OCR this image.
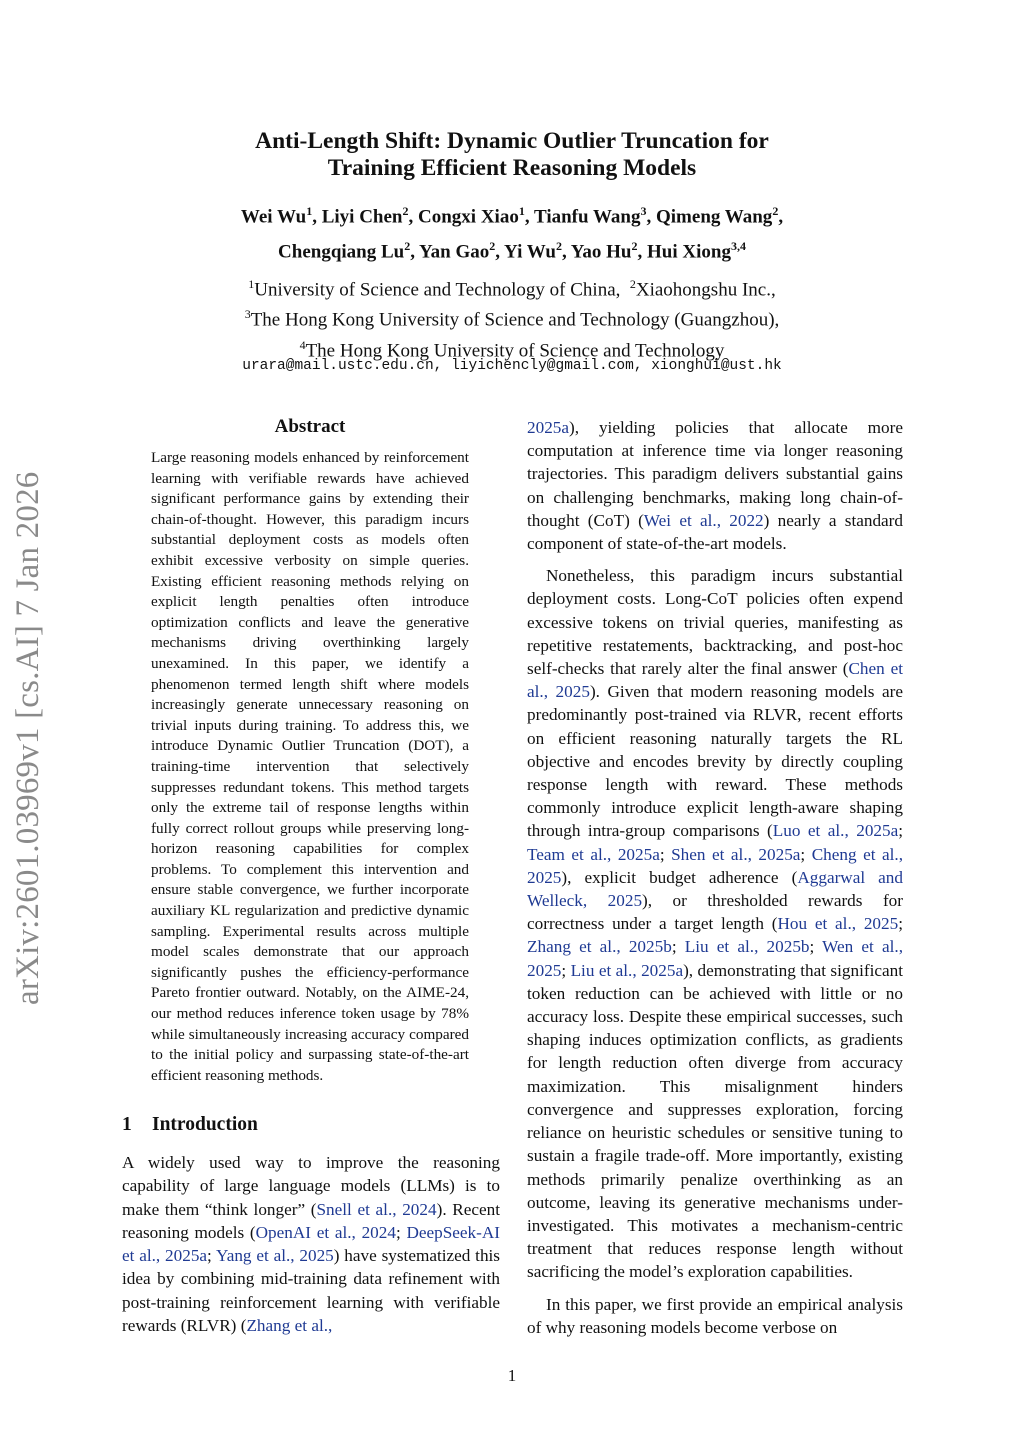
arXiv:2601.03969v1 [cs.AI] 7 Jan 2026
Anti-Length Shift: Dynamic Outlier Truncation for
Training Efficient Reasoning Models
Wei Wu$^1$, Liyi Chen$^2$, Congxi Xiao$^1$, Tianfu Wang$^3$, Qimeng Wang$^2$,
Chengqiang Lu$^2$, Yan Gao$^2$, Yi Wu$^2$, Yao Hu$^2$, Hui Xiong$^{3,4}$
$^1$University of Science and Technology of China, $^2$Xiaohongshu Inc.,
$^3$The Hong Kong University of Science and Technology (Guangzhou),
$^4$The Hong Kong University of Science and Technology
urara@mail.ustc.edu.cn, liyichencly@gmail.com, xionghui@ust.hk
Abstract
Large reasoning models enhanced by reinforcement learning with verifiable rewards have achieved significant performance gains by extending their chain-of-thought. However, this paradigm incurs substantial deployment costs as models often exhibit excessive verbosity on simple queries. Existing efficient reasoning methods relying on explicit length penalties often introduce optimization conflicts and leave the generative mechanisms driving overthinking largely unexamined. In this paper, we identify a phenomenon termed length shift where models increasingly generate unnecessary reasoning on trivial inputs during training. To address this, we introduce Dynamic Outlier Truncation (DOT), a training-time intervention that selectively suppresses redundant tokens. This method targets only the extreme tail of response lengths within fully correct rollout groups while preserving long-horizon reasoning capabilities for complex problems. To complement this intervention and ensure stable convergence, we further incorporate auxiliary KL regularization and predictive dynamic sampling. Experimental results across multiple model scales demonstrate that our approach significantly pushes the efficiency-performance Pareto frontier outward. Notably, on the AIME-24, our method reduces inference token usage by 78% while simultaneously increasing accuracy compared to the initial policy and surpassing state-of-the-art efficient reasoning methods.
1 Introduction
A widely used way to improve the reasoning capability of large language models (LLMs) is to make them “think longer” (Snell et al., 2024). Recent reasoning models (OpenAI et al., 2024; DeepSeek-AI et al., 2025a; Yang et al., 2025) have systematized this idea by combining mid-training data refinement with post-training reinforcement learning with verifiable rewards (RLVR) (Zhang et al.,

2025a), yielding policies that allocate more computation at inference time via longer reasoning trajectories. This paradigm delivers substantial gains on challenging benchmarks, making long chain-of-thought (CoT) (Wei et al., 2022) nearly a standard component of state-of-the-art models.

Nonetheless, this paradigm incurs substantial deployment costs. Long-CoT policies often expend excessive tokens on trivial queries, manifesting as repetitive restatements, backtracking, and post-hoc self-checks that rarely alter the final answer (Chen et al., 2025). Given that modern reasoning models are predominantly post-trained via RLVR, recent efforts on efficient reasoning naturally targets the RL objective and encodes brevity by directly coupling response length with reward. These methods commonly introduce explicit length-aware shaping through intra-group comparisons (Luo et al., 2025a; Team et al., 2025a; Shen et al., 2025a; Cheng et al., 2025), explicit budget adherence (Aggarwal and Welleck, 2025), or thresholded rewards for correctness under a target length (Hou et al., 2025; Zhang et al., 2025b; Liu et al., 2025b; Wen et al., 2025; Liu et al., 2025a), demonstrating that significant token reduction can be achieved with little or no accuracy loss. Despite these empirical successes, such shaping induces optimization conflicts, as gradients for length reduction often diverge from accuracy maximization. This misalignment hinders convergence and suppresses exploration, forcing reliance on heuristic schedules or sensitive tuning to sustain a fragile trade-off. More importantly, existing methods primarily penalize overthinking as an outcome, leaving its generative mechanisms under-investigated. This motivates a mechanism-centric treatment that reduces response length without sacrificing the model’s exploration capabilities.

In this paper, we first provide an empirical analysis of why reasoning models become verbose on

1
